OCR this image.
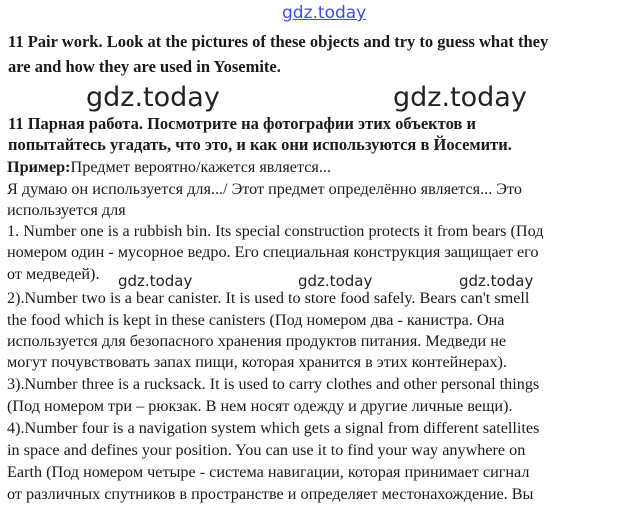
gdz.today
11 Pair work. Look at the pictures of these objects and try to guess what they
are and how they are used in Yosemite.
gdz.today	gdz.today
11 Парная работа. Посмотрите на фотографии этих объектов и
попытайтесь угадать, что это, и как они используются в Йосемити.
Пример:Предмет вероятно/кажется является...
Я думаю он используется для.../ Этот предмет определённо является... Это
используется для
1. Number one is a rubbish bin. Its special construction protects it from bears (Под
номером один - мусорное ведро. Его специальная конструкция защищает его
от медведей).	gdz.today	gdz.today	gdz.today
2).Number two is a bear canister. It is used to store food safely. Bears can't smell
the food which is kept in these canisters (Под номером два - канистра. Она
используется для безопасного хранения продуктов питания. Медведи не
могут почувствовать запах пищи, которая хранится в этих контейнерах).
3).Number three is a rucksack. It is used to carry clothes and other personal things
(Под номером три – рюкзак. В нем носят одежду и другие личные вещи).
4).Number four is a navigation system which gets a signal from different satellites
in space and defines your position. You can use it to find your way anywhere on
Earth (Под номером четыре - система навигации, которая принимает сигнал
от различных спутников в пространстве и определяет местонахождение. Вы
